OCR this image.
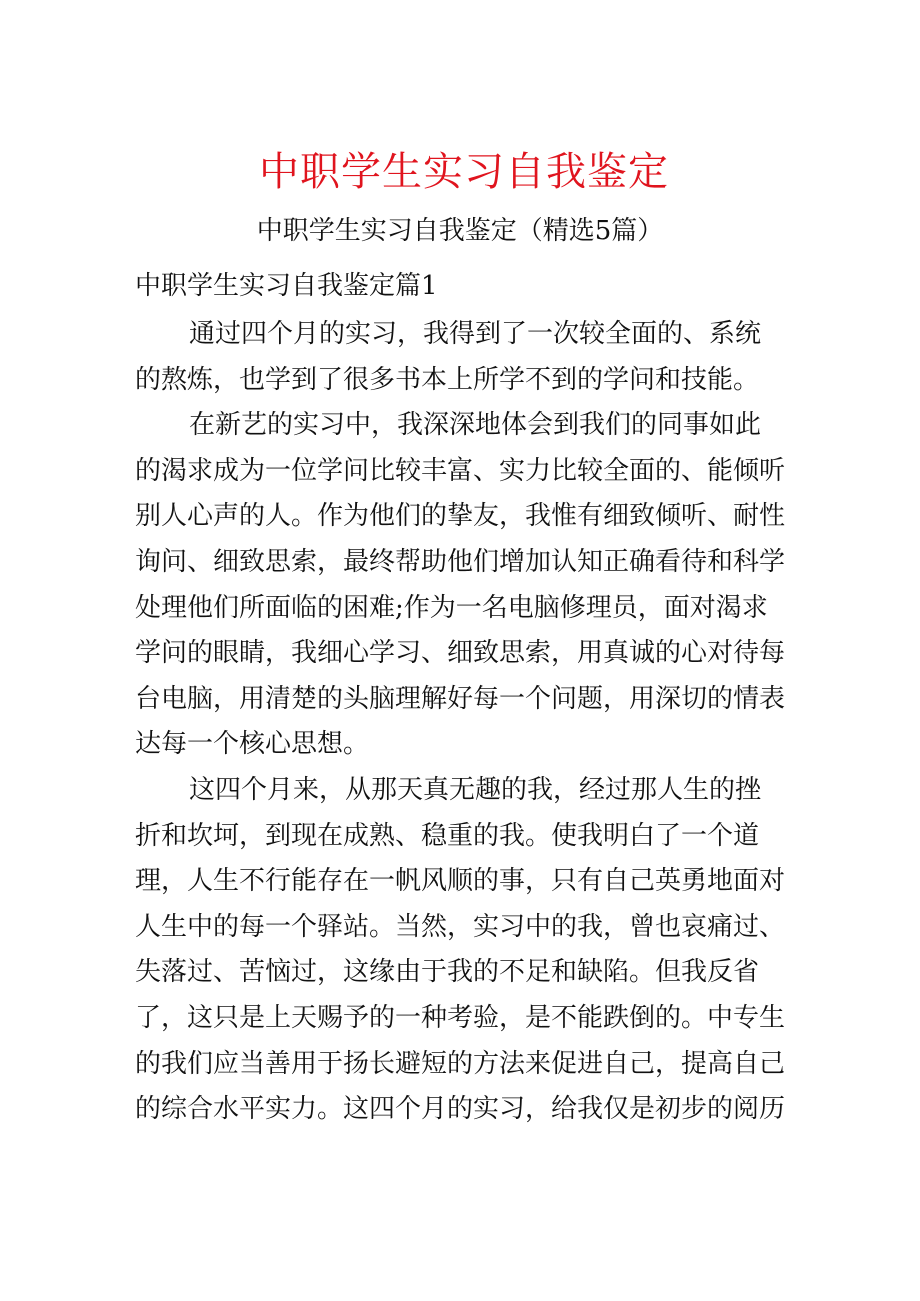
中职学生实习自我鉴定
中职学生实习自我鉴定（精选5篇）
中职学生实习自我鉴定篇1

通过四个月的实习，我得到了一次较全面的、系统
的熬炼，也学到了很多书本上所学不到的学问和技能。

在新艺的实习中，我深深地体会到我们的同事如此
的渴求成为一位学问比较丰富、实力比较全面的、能倾听
别人心声的人。作为他们的挚友，我惟有细致倾听、耐性
询问、细致思索，最终帮助他们增加认知正确看待和科学
处理他们所面临的困难;作为一名电脑修理员，面对渴求
学问的眼睛，我细心学习、细致思索，用真诚的心对待每
台电脑，用清楚的头脑理解好每一个问题，用深切的情表
达每一个核心思想。

这四个月来，从那天真无趣的我，经过那人生的挫
折和坎坷，到现在成熟、稳重的我。使我明白了一个道
理，人生不行能存在一帆风顺的事，只有自己英勇地面对
人生中的每一个驿站。当然，实习中的我，曾也哀痛过、
失落过、苦恼过，这缘由于我的不足和缺陷。但我反省
了，这只是上天赐予的一种考验，是不能跌倒的。中专生
的我们应当善用于扬长避短的方法来促进自己，提高自己
的综合水平实力。这四个月的实习，给我仅是初步的阅历
